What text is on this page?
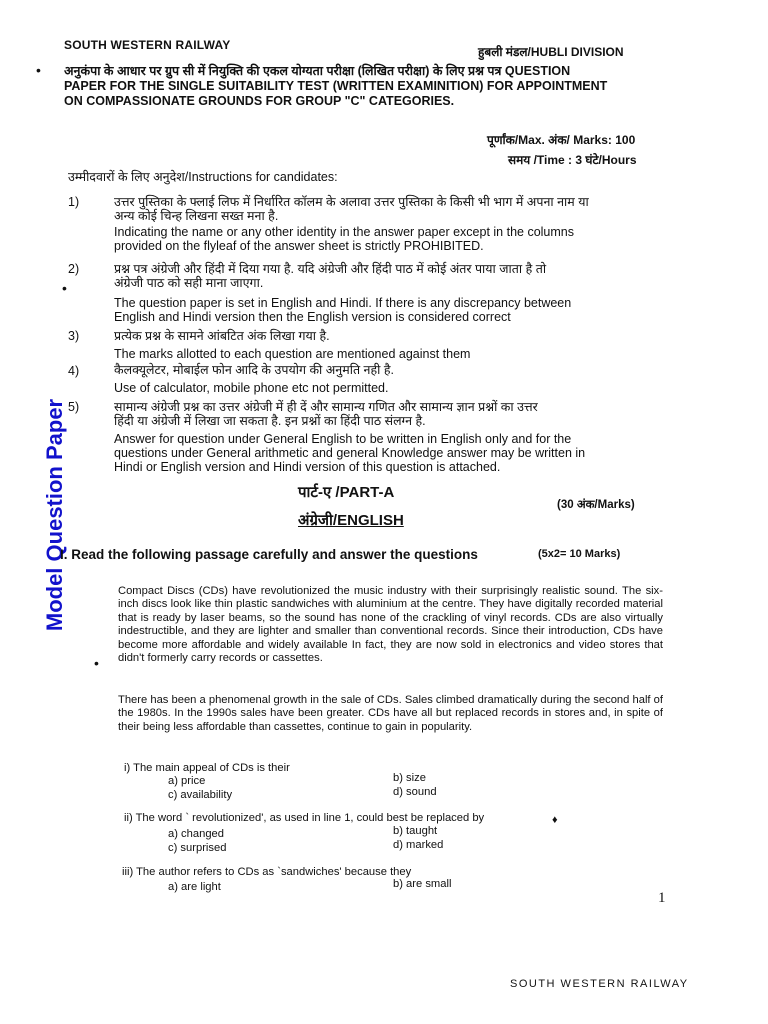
SOUTH WESTERN RAILWAY	हुबली मंडल/HUBLI DIVISION
• अनुकंपा के आधार पर ग्रुप सी में नियुक्ति की एकल योग्यता परीक्षा (लिखित परीक्षा) के लिए प्रश्न पत्र QUESTION
PAPER FOR THE SINGLE SUITABILITY TEST (WRITTEN EXAMINITION) FOR APPOINTMENT
ON COMPASSIONATE GROUNDS FOR GROUP "C" CATEGORIES.
पूर्णांक/Max. अंक/ Marks: 100
समय /Time : 3 घंटे/Hours
उम्मीदवारों के लिए अनुदेश/Instructions for candidates:
1)	उत्तर पुस्तिका के फ्लाई लिफ में निर्धारित कॉलम के अलावा उत्तर पुस्तिका के किसी भी भाग में अपना नाम या
अन्य कोई चिन्ह लिखना सख्त मना है.
Indicating the name or any other identity in the answer paper except in the columns
provided on the flyleaf of the answer sheet is strictly PROHIBITED.
2)
•
प्रश्न पत्र अंग्रेजी और हिंदी में दिया गया है. यदि अंग्रेजी और हिंदी पाठ में कोई अंतर पाया जाता है तो
अंग्रेजी पाठ को सही माना जाएगा.
The question paper is set in English and Hindi. If there is any discrepancy between
English and Hindi version then the English version is considered correct
3)	प्रत्येक प्रश्न के सामने आंबटित अंक लिखा गया है.
The marks allotted to each question are mentioned against them
4)	कैलक्यूलेटर, मोबाईल फोन आदि के उपयोग की अनुमति नही है.
Use of calculator, mobile phone etc not permitted.
5)	सामान्य अंग्रेजी प्रश्न का उत्तर अंग्रेजी में ही दें और सामान्य गणित और सामान्य ज्ञान प्रश्नों का उत्तर
हिंदी या अंग्रेजी में लिखा जा सकता है. इन प्रश्नों का हिंदी पाठ संलग्न है.
Answer for question under General English to be written in English only and for the
questions under General arithmetic and general Knowledge answer may be written in
Hindi or English version and Hindi version of this question is attached.
Model Question Paper	पार्ट-ए /PART-A
अंग्रेजी/ENGLISH
(30 अंक/Marks)
I. Read the following passage carefully and answer the questions	(5x2= 10 Marks)
Compact Discs (CDs) have revolutionized the music industry with their surprisingly realistic sound. The six-inch discs look like thin plastic sandwiches with aluminium at the centre. They have digitally recorded material that is ready by laser beams, so the sound has none of the crackling of vinyl records. CDs are also virtually indestructible, and they are lighter and smaller than conventional records. Since their introduction, CDs have become more affordable and widely available In fact, they are now sold in electronics and video stores that didn't formerly carry records or cassettes.
•
There has been a phenomenal growth in the sale of CDs. Sales climbed dramatically during the second half of the 1980s. In the 1990s sales have been greater. CDs have all but replaced records in stores and, in spite of their being less affordable than cassettes, continue to gain in popularity.
i) The main appeal of CDs is their
a) price	b) size
c) availability	d) sound
ii) The word ` revolutionized', as used in line 1, could best be replaced by	♦
a) changed	b) taught
c) surprised	d) marked
iii) The author refers to CDs as `sandwiches' because they
a) are light	b) are small
1
SOUTH WESTERN RAILWAY
